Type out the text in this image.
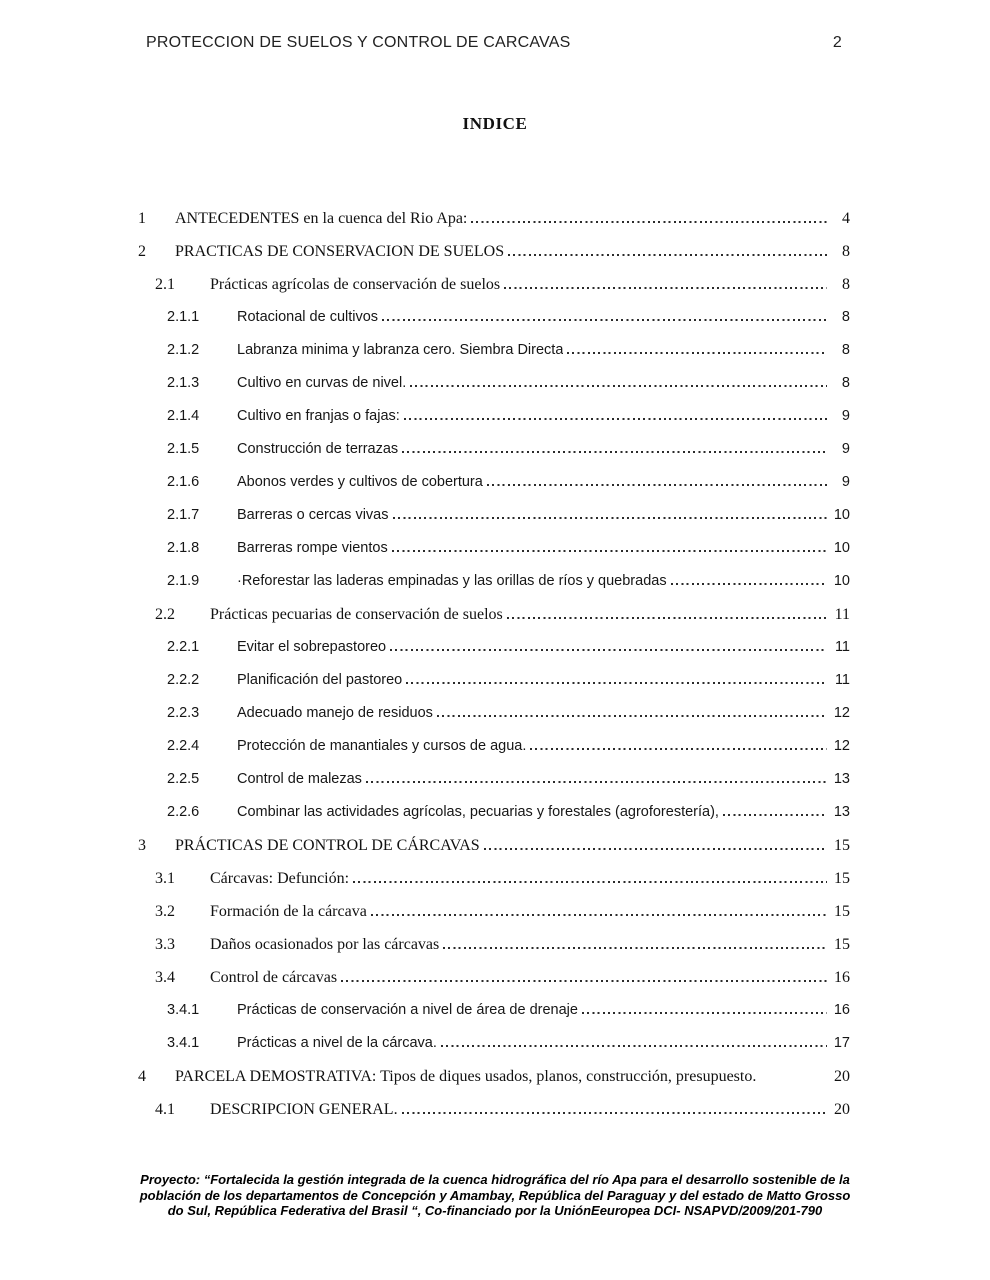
PROTECCION DE SUELOS Y CONTROL DE CARCAVAS	2
INDICE
1	ANTECEDENTES en la cuenca del Rio Apa:	4
2	PRACTICAS DE CONSERVACION DE SUELOS	8
2.1	Prácticas agrícolas de conservación de suelos	8
2.1.1	Rotacional de cultivos	8
2.1.2	Labranza minima y labranza cero. Siembra Directa	8
2.1.3	Cultivo en curvas de nivel.	8
2.1.4	Cultivo en franjas o fajas:	9
2.1.5	Construcción de terrazas	9
2.1.6	Abonos verdes y cultivos de cobertura	9
2.1.7	Barreras o cercas vivas	10
2.1.8	Barreras rompe vientos	10
2.1.9	·Reforestar las laderas empinadas y las orillas de ríos y quebradas	10
2.2	Prácticas pecuarias de conservación de suelos	11
2.2.1	Evitar el sobrepastoreo	11
2.2.2	Planificación del pastoreo	11
2.2.3	Adecuado manejo de residuos	12
2.2.4	Protección de manantiales y cursos de agua.	12
2.2.5	Control de malezas	13
2.2.6	Combinar las actividades agrícolas, pecuarias y forestales (agroforestería),	13
3	PRÁCTICAS DE CONTROL DE CÁRCAVAS	15
3.1	Cárcavas: Defunción:	15
3.2	Formación de la cárcava	15
3.3	Daños ocasionados por las cárcavas	15
3.4	Control de cárcavas	16
3.4.1	Prácticas de conservación a nivel de área de drenaje	16
3.4.1	Prácticas a nivel de la cárcava.	17
4	PARCELA DEMOSTRATIVA: Tipos de diques usados, planos, construcción, presupuesto.	20
4.1	DESCRIPCION GENERAL.	20
Proyecto: “Fortalecida la gestión integrada de la cuenca hidrográfica del río Apa para el desarrollo sostenible de la
población de los departamentos de Concepción y Amambay, República del Paraguay y del estado de Matto Grosso
do Sul, República Federativa del Brasil “, Co-financiado por la UniónEeuropea DCI- NSAPVD/2009/201-790
